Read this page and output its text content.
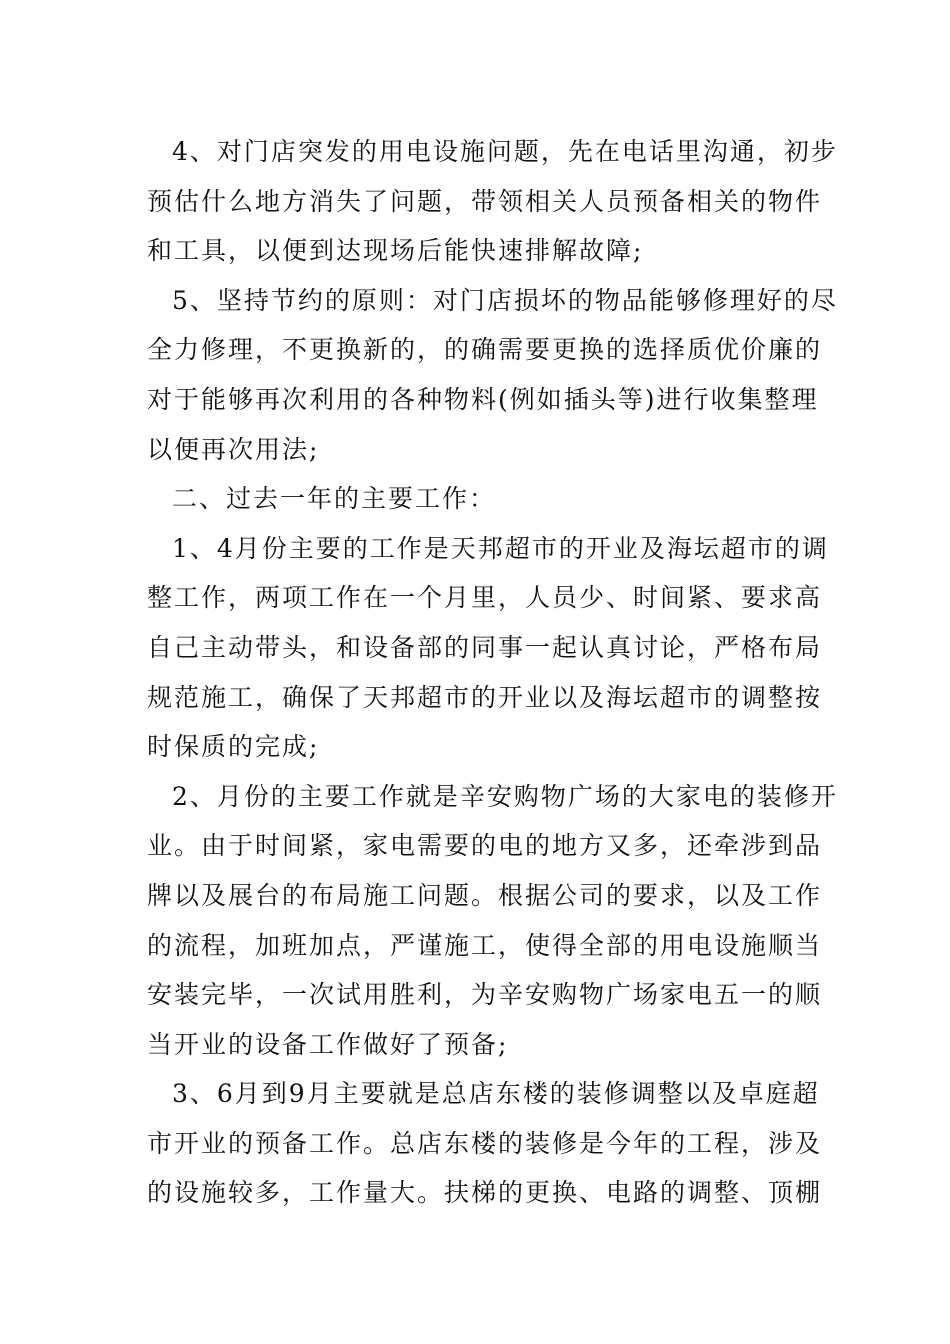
4、对门店突发的用电设施问题，先在电话里沟通，初步
预估什么地方消失了问题，带领相关人员预备相关的物件
和工具，以便到达现场后能快速排解故障;
5、坚持节约的原则：对门店损坏的物品能够修理好的尽
全力修理，不更换新的，的确需要更换的选择质优价廉的
对于能够再次利用的各种物料(例如插头等)进行收集整理
以便再次用法;
二、过去一年的主要工作：
1、4月份主要的工作是天邦超市的开业及海坛超市的调
整工作，两项工作在一个月里，人员少、时间紧、要求高
自己主动带头，和设备部的同事一起认真讨论，严格布局
规范施工，确保了天邦超市的开业以及海坛超市的调整按
时保质的完成;
2、月份的主要工作就是辛安购物广场的大家电的装修开
业。由于时间紧，家电需要的电的地方又多，还牵涉到品
牌以及展台的布局施工问题。根据公司的要求，以及工作
的流程，加班加点，严谨施工，使得全部的用电设施顺当
安装完毕，一次试用胜利，为辛安购物广场家电五一的顺
当开业的设备工作做好了预备;
3、6月到9月主要就是总店东楼的装修调整以及卓庭超
市开业的预备工作。总店东楼的装修是今年的工程，涉及
的设施较多，工作量大。扶梯的更换、电路的调整、顶棚
